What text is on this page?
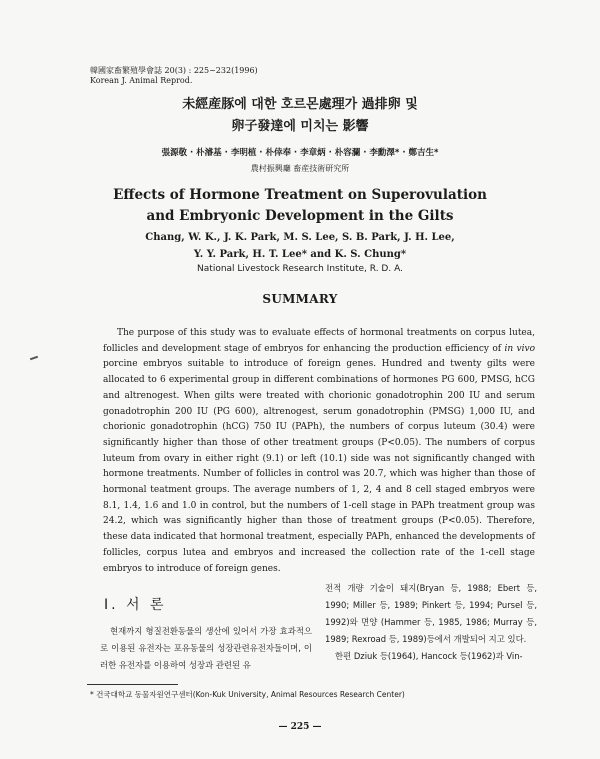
韓國家畜繁殖學會誌 20(3) : 225~232(1996)
Korean J. Animal Reprod.
未經産豚에 대한 호르몬處理가 過排卵 및
卵子發達에 미치는 影響
張源敬 · 朴濬基 · 李明植 · 朴倖奉 · 李章炳 · 朴容瀾 · 李勳澤* · 鄭吉生*
農村振興廳 畜産技術研究所
Effects of Hormone Treatment on Superovulation
and Embryonic Development in the Gilts
Chang, W. K., J. K. Park, M. S. Lee, S. B. Park, J. H. Lee,
Y. Y. Park, H. T. Lee* and K. S. Chung*
National Livestock Research Institute, R. D. A.
SUMMARY

The purpose of this study was to evaluate effects of hormonal treatments on corpus lutea, follicles and development stage of embryos for enhancing the production efficiency of in vivo porcine embryos suitable to introduce of foreign genes. Hundred and twenty gilts were allocated to 6 experimental group in different combinations of hormones PG 600, PMSG, hCG and altrenogest. When gilts were treated with chorionic gonadotrophin 200 IU and serum gonadotrophin 200 IU (PG 600), altrenogest, serum gonadotrophin (PMSG) 1,000 IU, and chorionic gonadotrophin (hCG) 750 IU (PAPh), the numbers of corpus luteum (30.4) were significantly higher than those of other treatment groups (P<0.05). The numbers of corpus luteum from ovary in either right (9.1) or left (10.1) side was not significantly changed with hormone treatments. Number of follicles in control was 20.7, which was higher than those of hormonal teatment groups. The average numbers of 1, 2, 4 and 8 cell staged embryos were 8.1, 1.4, 1.6 and 1.0 in control, but the numbers of 1-cell stage in PAPh treatment group was 24.2, which was significantly higher than those of treatment groups (P<0.05). Therefore, these data indicated that hormonal treatment, especially PAPh, enhanced the developments of follicles, corpus lutea and embryos and increased the collection rate of the 1-cell stage embryos to introduce of foreign genes.

Ⅰ. 서 론

현재까지 형질전환동물의 생산에 있어서 가장 효과적으로 이용된 유전자는 포유동물의 성장관련유전자들이며, 이러한 유전자를 이용하여 성장과 관련된 유

전적 개량 기술이 돼지(Bryan 등, 1988; Ebert 등, 1990; Miller 등, 1989; Pinkert 등, 1994; Pursel 등, 1992)와 면양 (Hammer 등, 1985, 1986; Murray 등, 1989; Rexroad 등, 1989)등에서 개발되어 지고 있다.

한편 Dziuk 등(1964), Hancock 등(1962)과 Vin-

* 건국대학교 동물자원연구센터(Kon-Kuk University, Animal Resources Research Center)
— 225 —
